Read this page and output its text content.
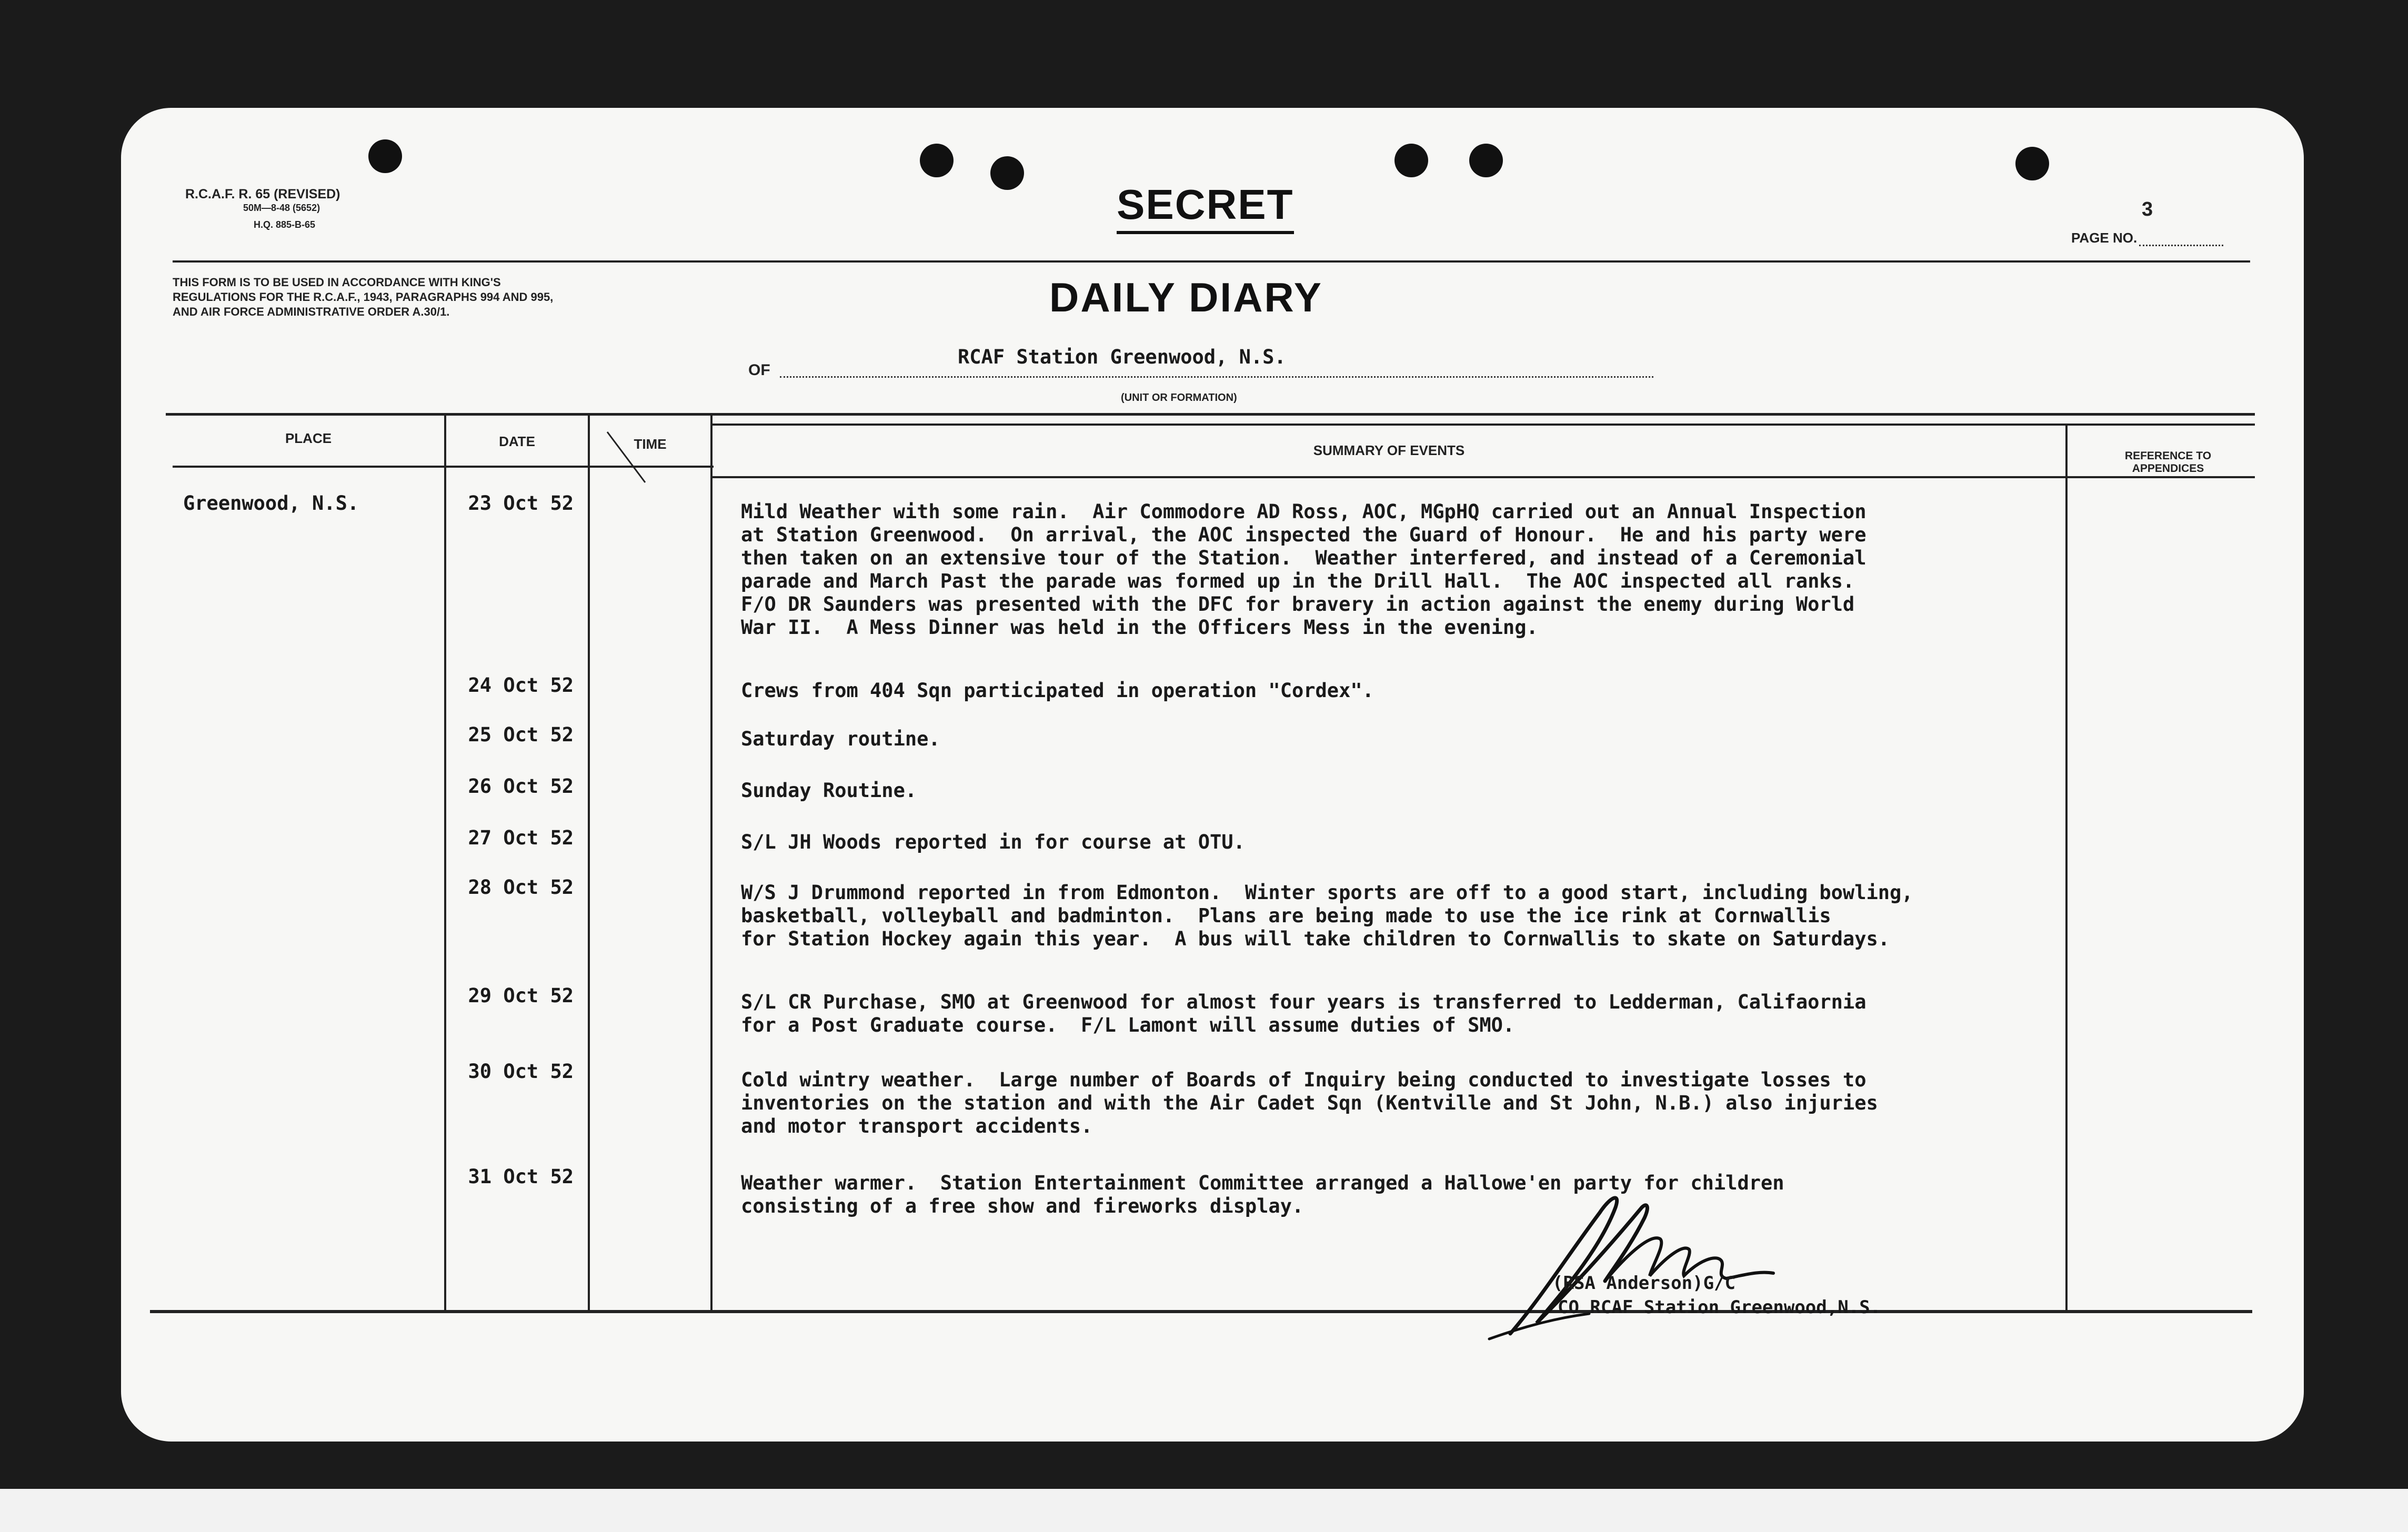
R.C.A.F. R. 65 (REVISED)
50M—8-48 (5652)
H.Q. 885-B-65
THIS FORM IS TO BE USED IN ACCORDANCE WITH KING'S REGULATIONS FOR THE R.C.A.F., 1943, PARAGRAPHS 994 AND 995, AND AIR FORCE ADMINISTRATIVE ORDER A.30/1.
SECRET	3
PAGE NO.
DAILY DIARY
OF
RCAF Station Greenwood, N.S.
(UNIT OR FORMATION)
PLACE	DATE	TIME	SUMMARY OF EVENTS	REFERENCE TO APPENDICES
Greenwood, N.S.	23 Oct 52	Mild Weather with some rain.  Air Commodore AD Ross, AOC, MGpHQ carried out an Annual Inspection
at Station Greenwood.  On arrival, the AOC inspected the Guard of Honour.  He and his party were
then taken on an extensive tour of the Station.  Weather interfered, and instead of a Ceremonial
parade and March Past the parade was formed up in the Drill Hall.  The AOC inspected all ranks.
F/O DR Saunders was presented with the DFC for bravery in action against the enemy during World
War II.  A Mess Dinner was held in the Officers Mess in the evening.
24 Oct 52	Crews from 404 Sqn participated in operation "Cordex".
25 Oct 52	Saturday routine.
26 Oct 52	Sunday Routine.
27 Oct 52	S/L JH Woods reported in for course at OTU.
28 Oct 52	W/S J Drummond reported in from Edmonton.  Winter sports are off to a good start, including bowling,
basketball, volleyball and badminton.  Plans are being made to use the ice rink at Cornwallis
for Station Hockey again this year.  A bus will take children to Cornwallis to skate on Saturdays.
29 Oct 52	S/L CR Purchase, SMO at Greenwood for almost four years is transferred to Ledderman, Califaornia
for a Post Graduate course.  F/L Lamont will assume duties of SMO.
30 Oct 52	Cold wintry weather.  Large number of Boards of Inquiry being conducted to investigate losses to
inventories on the station and with the Air Cadet Sqn (Kentville and St John, N.B.) also injuries
and motor transport accidents.
31 Oct 52	Weather warmer.  Station Entertainment Committee arranged a Hallowe'en party for children
consisting of a free show and fireworks display.
(RSA Anderson)G/C
CO RCAF Station Greenwood,N.S.
